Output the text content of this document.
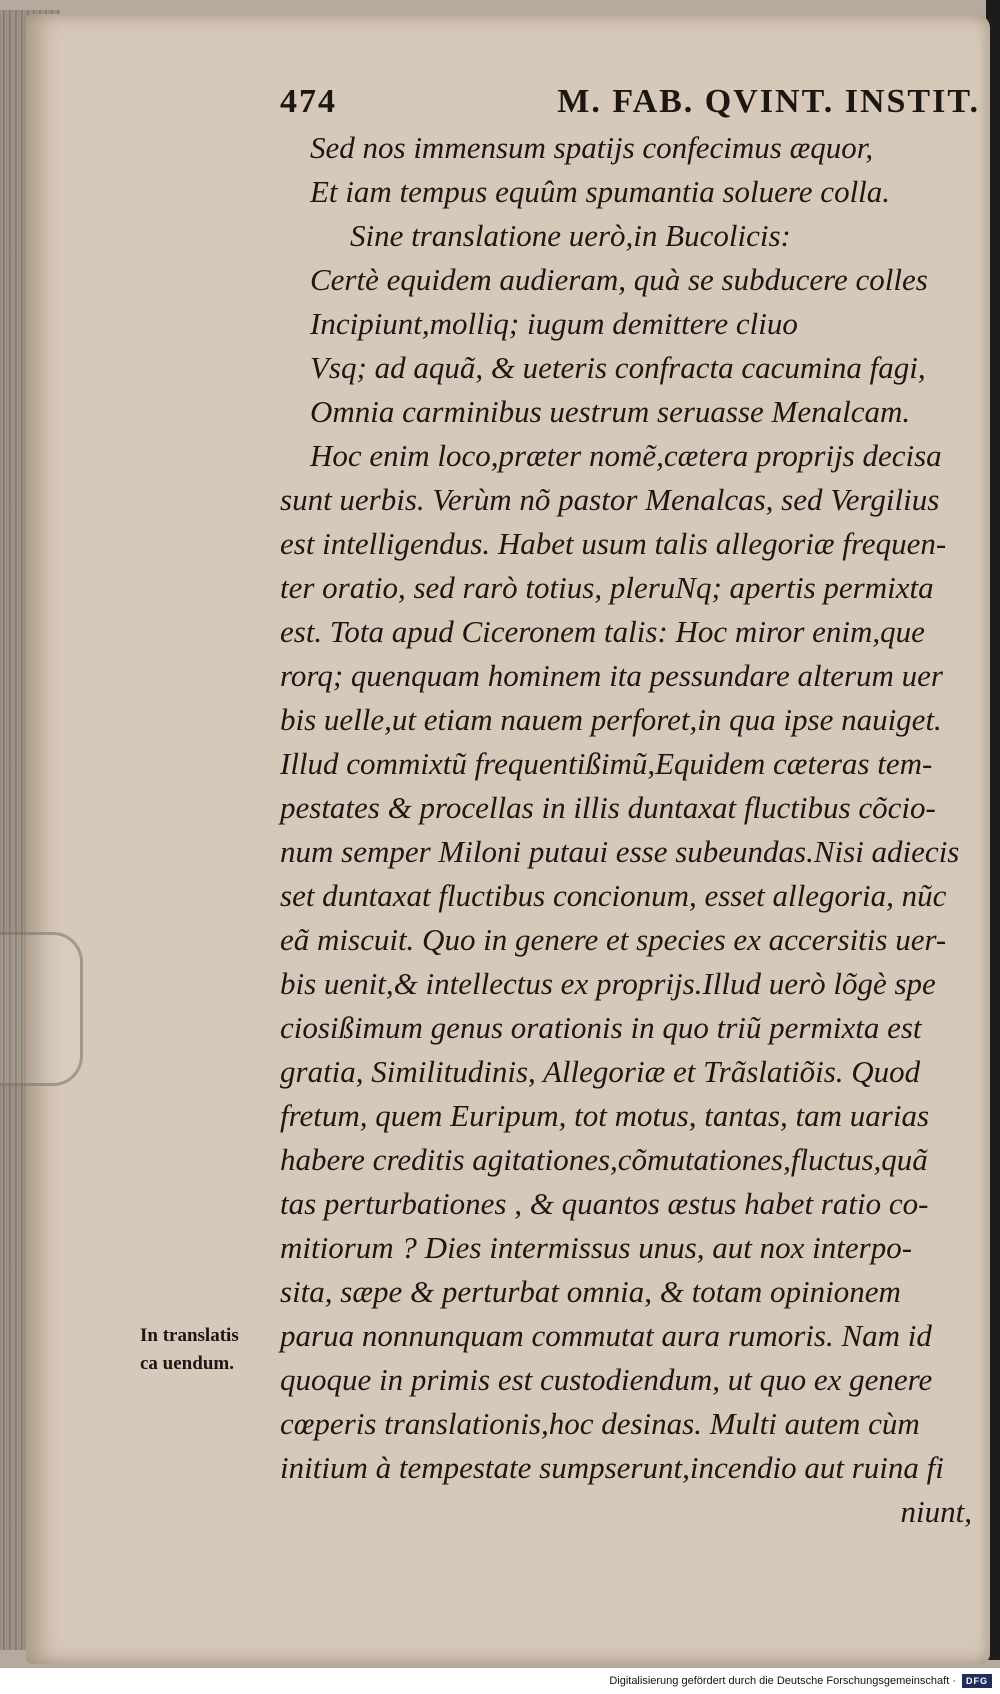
474	M. FAB. QVINT. INSTIT.
Sed nos immensum spatijs confecimus æquor,
Et iam tempus equûm spumantia soluere colla.
Sine translatione uerò,in Bucolicis:
Certè equidem audieram, quà se subducere colles
Incipiunt,molliq; iugum demittere cliuo
Vsq; ad aquã, & ueteris confracta cacumina fagi,
Omnia carminibus uestrum seruasse Menalcam.
Hoc enim loco,præter nomẽ,cætera proprijs decisa
sunt uerbis. Verùm nõ pastor Menalcas, sed Vergilius
est intelligendus. Habet usum talis allegoriæ frequen-
ter oratio, sed rarò totius, pleruNq; apertis permixta
est. Tota apud Ciceronem talis: Hoc miror enim,que
rorq; quenquam hominem ita pessundare alterum uer
bis uelle,ut etiam nauem perforet,in qua ipse nauiget.
Illud commixtũ frequentißimũ,Equidem cæteras tem-
pestates & procellas in illis duntaxat fluctibus cõcio-
num semper Miloni putaui esse subeundas.Nisi adiecis
set duntaxat fluctibus concionum, esset allegoria, nũc
eã miscuit. Quo in genere et species ex accersitis uer-
bis uenit,& intellectus ex proprijs.Illud uerò lõgè spe
ciosißimum genus orationis in quo triũ permixta est
gratia, Similitudinis, Allegoriæ et Trãslatiõis. Quod
fretum, quem Euripum, tot motus, tantas, tam uarias
habere creditis agitationes,cõmutationes,fluctus,quã
tas perturbationes , & quantos æstus habet ratio co-
mitiorum ? Dies intermissus unus, aut nox interpo-
sita, sæpe & perturbat omnia, & totam opinionem
parua nonnunquam commutat aura rumoris. Nam id
quoque in primis est custodiendum, ut quo ex genere
cœperis translationis,hoc desinas. Multi autem cùm
initium à tempestate sumpserunt,incendio aut ruina fi
niunt,
In translatis
ca uendum.
Digitalisierung gefördert durch die Deutsche Forschungsgemeinschaft ·	DFG
